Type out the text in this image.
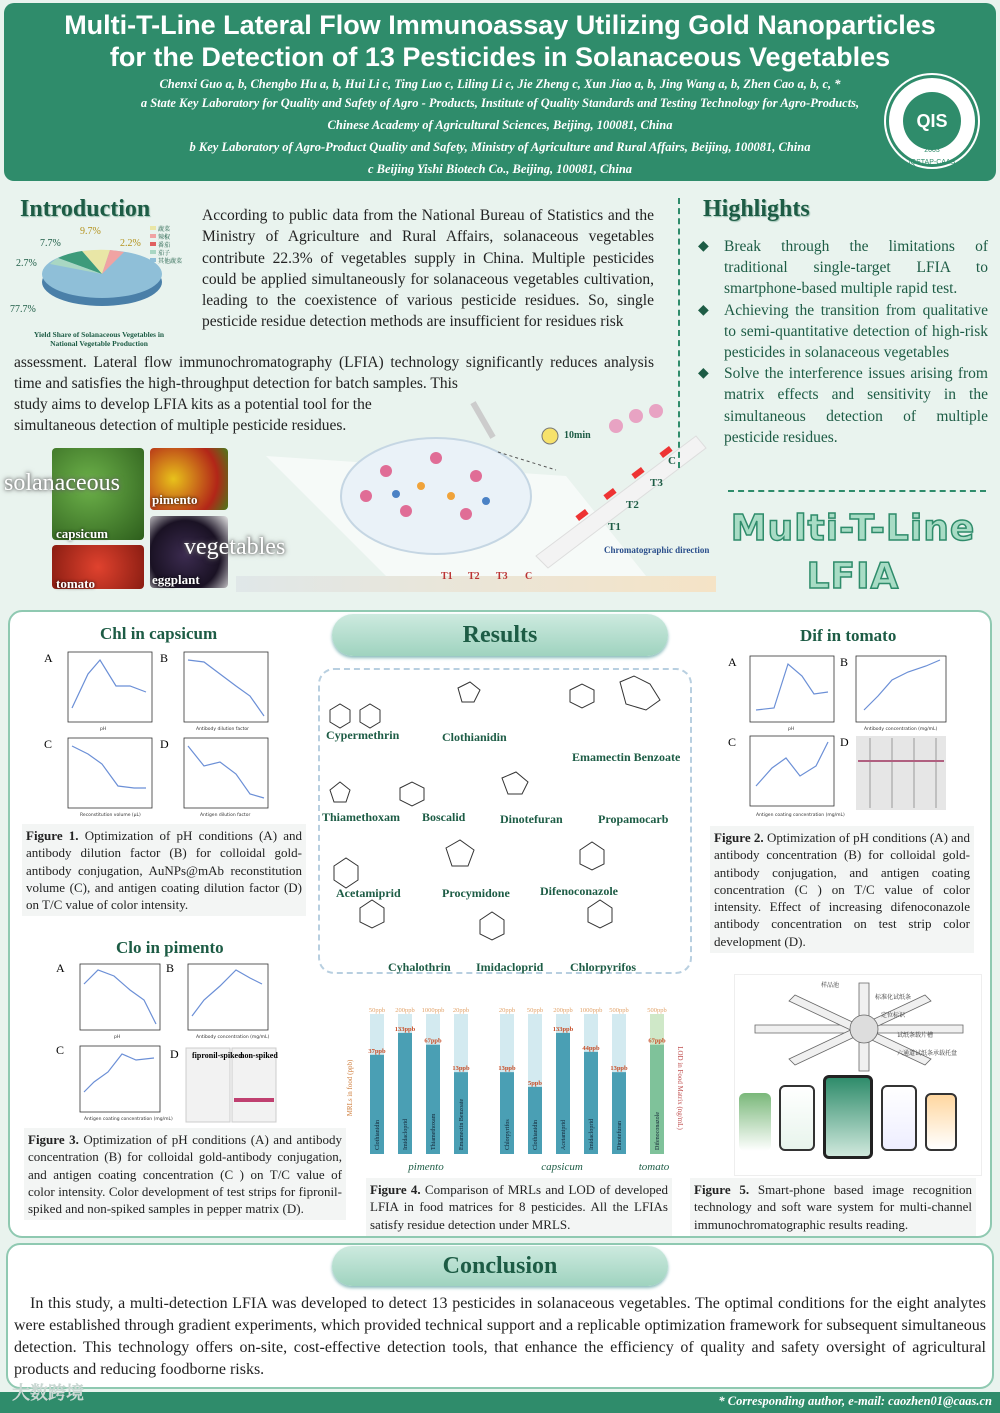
Multi-T-Line Lateral Flow Immunoassay Utilizing Gold Nanoparticles
for the Detection of 13 Pesticides in Solanaceous Vegetables
Chenxi Guo a, b, Chengbo Hu a, b, Hui Li c, Ting Luo c, Liling Li c, Jie Zheng c, Xun Jiao a, b, Jing Wang a, b, Zhen Cao a, b, c, *
a State Key Laboratory for Quality and Safety of Agro - Products, Institute of Quality Standards and Testing Technology for Agro-Products,
Chinese Academy of Agricultural Sciences, Beijing, 100081, China
b Key Laboratory of Agro-Product Quality and Safety, Ministry of Agriculture and Rural Affairs, Beijing, 100081, China
c Beijing Yishi Biotech Co., Beijing, 100081, China
QIS
2003
IQSTAP-CAAS
Introduction
9.7%
2.2%
7.7%
2.7%
77.7%
蔬菜
辣椒
番茄
茄子
其他蔬菜
Yield Share of Solanaceous Vegetables in National Vegetable Production
According to public data from the National Bureau of Statistics and the Ministry of Agriculture and Rural Affairs, solanaceous vegetables contribute 22.3% of vegetables supply in China. Multiple pesticides could be applied simultaneously for solanaceous vegetables cultivation, leading to the coexistence of various pesticide residues. So, single pesticide residue detection methods are insufficient for residues risk
assessment. Lateral flow immunochromatography (LFIA) technology significantly reduces analysis time and satisfies the high-throughput detection for batch samples. This
study aims to develop LFIA kits as a potential tool for the simultaneous detection of multiple pesticide residues.
solanaceous
pimento
capsicum
vegetables
tomato	eggplant
10min
C
T3
T2
T1
Chromatographic direction
T1 T2 T3 C
Highlights
◆ Break through the limitations of traditional single-target LFIA to smartphone-based multiple rapid test.
◆ Achieving the transition from qualitative to semi-quantitative detection of high-risk pesticides in solanaceous vegetables
◆ Solve the interference issues arising from matrix effects and sensitivity in the simultaneous detection of multiple pesticide residues.
Multi-T-Line
LFIA
Results
Chl in capsicum
A	B
C	D
pH	Antibody dilution factor
Reconstitution volume (μL)	Antigen dilution factor
Figure 1. Optimization of pH conditions (A) and antibody dilution factor (B) for colloidal gold-antibody conjugation, AuNPs@mAb reconstitution volume (C), and antigen coating dilution factor (D) on T/C value of color intensity.
Clo in pimento
A	B
C	D fipronil-spiked
non-spiked
pH	Antibody concentration (mg/mL)
Antigen coating concentration (mg/mL)
Figure 3. Optimization of pH conditions (A) and antibody concentration (B) for colloidal gold-antibody conjugation, and antigen coating concentration (C ) on T/C value of color intensity. Color development of test strips for fipronil-spiked and non-spiked samples in pepper matrix (D).
Cypermethrin	Clothianidin
Emamectin Benzoate
Thiamethoxam Boscalid	Dinotefuran	Propamocarb
Acetamiprid	Procymidone	Difenoconazole
Cyhalothrin Imidacloprid Chlorpyrifos
MRLs in food (ppb)	LOD in Food Matrix (ng/mL)
50ppb
37ppb
Clothianidin
200ppb
133ppb
Imidacloprid
1000ppb
67ppb
Thiamethoxam
20ppb
13ppb
Emamectin Benzoate
20ppb
13ppb
Chlorpyrifos
50ppb
5ppb
Clothianidin
200ppb
133ppb
Acetamiprid
1000ppb
44ppb
Imidacloprid
500ppb
13ppb
Dinotefuran
500ppb
67ppb
Difenoconazole
pimento	capsicum	tomato
Figure 4. Comparison of MRLs and LOD of developed LFIA in food matrices for 8 pesticides. All the LFIAs satisfy residue detection under MRLS.
Dif in tomato
A	B
C	D
pH	Antibody concentration (mg/mL)
Antigen coating concentration (mg/mL)
Figure 2. Optimization of pH conditions (A) and antibody concentration (B) for colloidal gold-antibody conjugation, and antigen coating concentration (C ) on T/C value of color intensity. Effect of increasing difenoconazole antibody concentration on test strip color development (D).
样品池
标准化试纸条
定位标识
试纸条载片槽
六通道试纸条承载托盘
Figure 5. Smart-phone based image recognition technology and soft ware system for multi-channel immunochromatographic results reading.
Conclusion
In this study, a multi-detection LFIA was developed to detect 13 pesticides in solanaceous vegetables. The optimal conditions for the eight analytes were established through gradient experiments, which provided technical support and a replicable optimization framework for subsequent simultaneous detection. This technology offers on-site, cost-effective detection tools, that enhance the efficiency of quality and safety oversight of agricultural products and reducing foodborne risks.
* Corresponding author, e-mail: caozhen01@caas.cn
大数跨境
